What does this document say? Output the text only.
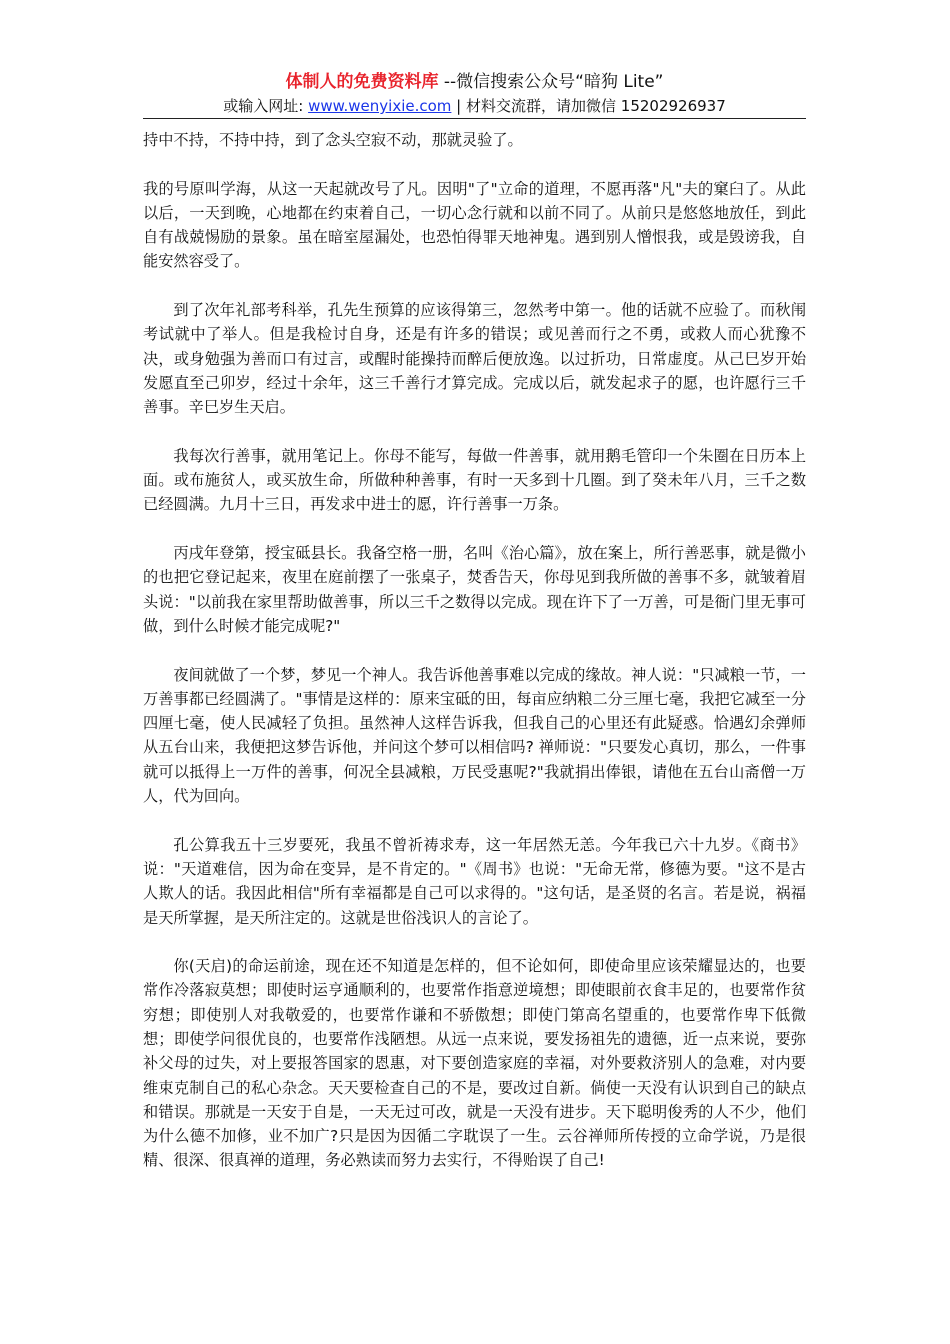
体制人的免费资料库 --微信搜索公众号“暗狗 Lite”
或输入网址: www.wenyixie.com | 材料交流群，请加微信 15202926937

持中不持，不持中持，到了念头空寂不动，那就灵验了。

我的号原叫学海，从这一天起就改号了凡。因明"了"立命的道理，不愿再落"凡"夫的窠臼了。从此以后，一天到晚，心地都在约束着自己，一切心念行就和以前不同了。从前只是悠悠地放任，到此自有战兢惕励的景象。虽在暗室屋漏处，也恐怕得罪天地神鬼。遇到别人憎恨我，或是毁谤我，自能安然容受了。

到了次年礼部考科举，孔先生预算的应该得第三，忽然考中第一。他的话就不应验了。而秋闱考试就中了举人。但是我检讨自身，还是有许多的错误；或见善而行之不勇，或救人而心犹豫不决，或身勉强为善而口有过言，或醒时能操持而醉后便放逸。以过折功，日常虚度。从己巳岁开始发愿直至己卯岁，经过十余年，这三千善行才算完成。完成以后，就发起求子的愿，也许愿行三千善事。辛巳岁生天启。

我每次行善事，就用笔记上。你母不能写，每做一件善事，就用鹅毛管印一个朱圈在日历本上面。或布施贫人，或买放生命，所做种种善事，有时一天多到十几圈。到了癸未年八月，三千之数已经圆满。九月十三日，再发求中进士的愿，许行善事一万条。

丙戌年登第，授宝砥县长。我备空格一册，名叫《治心篇》，放在案上，所行善恶事，就是微小的也把它登记起来，夜里在庭前摆了一张桌子，焚香告天，你母见到我所做的善事不多，就皱着眉头说："以前我在家里帮助做善事，所以三千之数得以完成。现在许下了一万善，可是衙门里无事可做，到什么时候才能完成呢?"

夜间就做了一个梦，梦见一个神人。我告诉他善事难以完成的缘故。神人说："只减粮一节，一万善事都已经圆满了。"事情是这样的：原来宝砥的田，每亩应纳粮二分三厘七毫，我把它减至一分四厘七毫，使人民减轻了负担。虽然神人这样告诉我，但我自己的心里还有此疑惑。恰遇幻余弹师从五台山来，我便把这梦告诉他，并问这个梦可以相信吗? 禅师说："只要发心真切，那么，一件事就可以抵得上一万件的善事，何况全县减粮，万民受惠呢?"我就捐出俸银，请他在五台山斋僧一万人，代为回向。

孔公算我五十三岁要死，我虽不曾祈祷求寿，这一年居然无恙。今年我已六十九岁。《商书》说："天道难信，因为命在变异，是不肯定的。"《周书》也说："无命无常，修德为要。"这不是古人欺人的话。我因此相信"所有幸福都是自己可以求得的。"这句话，是圣贤的名言。若是说，祸福是天所掌握，是天所注定的。这就是世俗浅识人的言论了。

你(天启)的命运前途，现在还不知道是怎样的，但不论如何，即使命里应该荣耀显达的，也要常作冷落寂莫想；即使时运亨通顺利的，也要常作指意逆境想；即使眼前衣食丰足的，也要常作贫穷想；即使别人对我敬爱的，也要常作谦和不骄傲想；即使门第高名望重的，也要常作卑下低微想；即使学问很优良的，也要常作浅陋想。从远一点来说，要发扬祖先的遗德，近一点来说，要弥补父母的过失，对上要报答国家的恩惠，对下要创造家庭的幸福，对外要救济别人的急难，对内要维束克制自己的私心杂念。天天要检查自己的不是，要改过自新。倘使一天没有认识到自己的缺点和错误。那就是一天安于自是，一天无过可改，就是一天没有进步。天下聪明俊秀的人不少，他们为什么德不加修，业不加广?只是因为因循二字耽误了一生。云谷禅师所传授的立命学说，乃是很精、很深、很真禅的道理，务必熟读而努力去实行，不得贻误了自己!
